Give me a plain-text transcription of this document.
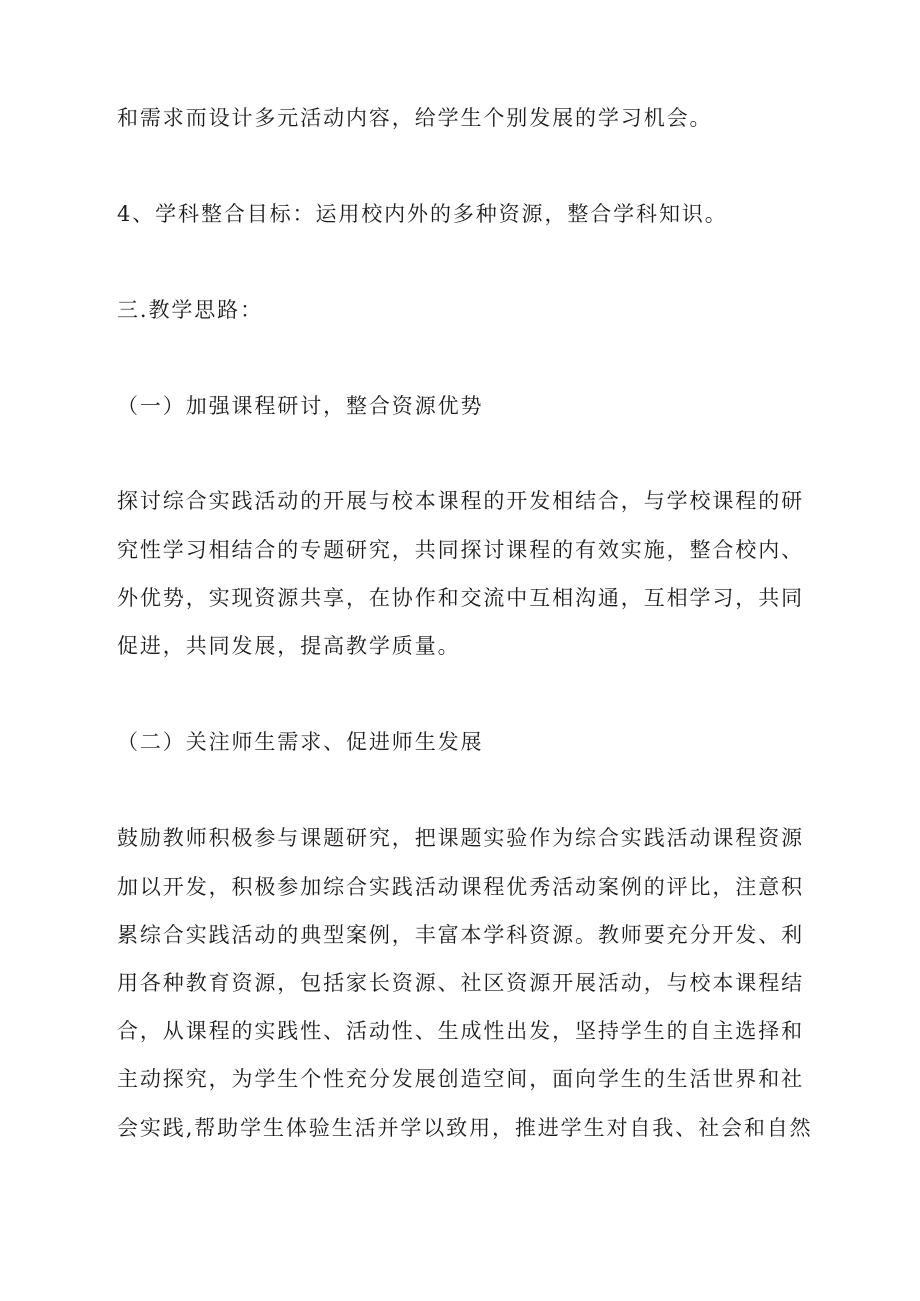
和需求而设计多元活动内容，给学生个别发展的学习机会。
4、学科整合目标：运用校内外的多种资源，整合学科知识。
三.教学思路：
（一）加强课程研讨，整合资源优势
探讨综合实践活动的开展与校本课程的开发相结合，与学校课程的研
究性学习相结合的专题研究，共同探讨课程的有效实施，整合校内、
外优势，实现资源共享，在协作和交流中互相沟通，互相学习，共同
促进，共同发展，提高教学质量。
（二）关注师生需求、促进师生发展
鼓励教师积极参与课题研究，把课题实验作为综合实践活动课程资源
加以开发，积极参加综合实践活动课程优秀活动案例的评比，注意积
累综合实践活动的典型案例，丰富本学科资源。教师要充分开发、利
用各种教育资源，包括家长资源、社区资源开展活动，与校本课程结
合，从课程的实践性、活动性、生成性出发，坚持学生的自主选择和
主动探究，为学生个性充分发展创造空间，面向学生的生活世界和社
会实践,帮助学生体验生活并学以致用，推进学生对自我、社会和自然
